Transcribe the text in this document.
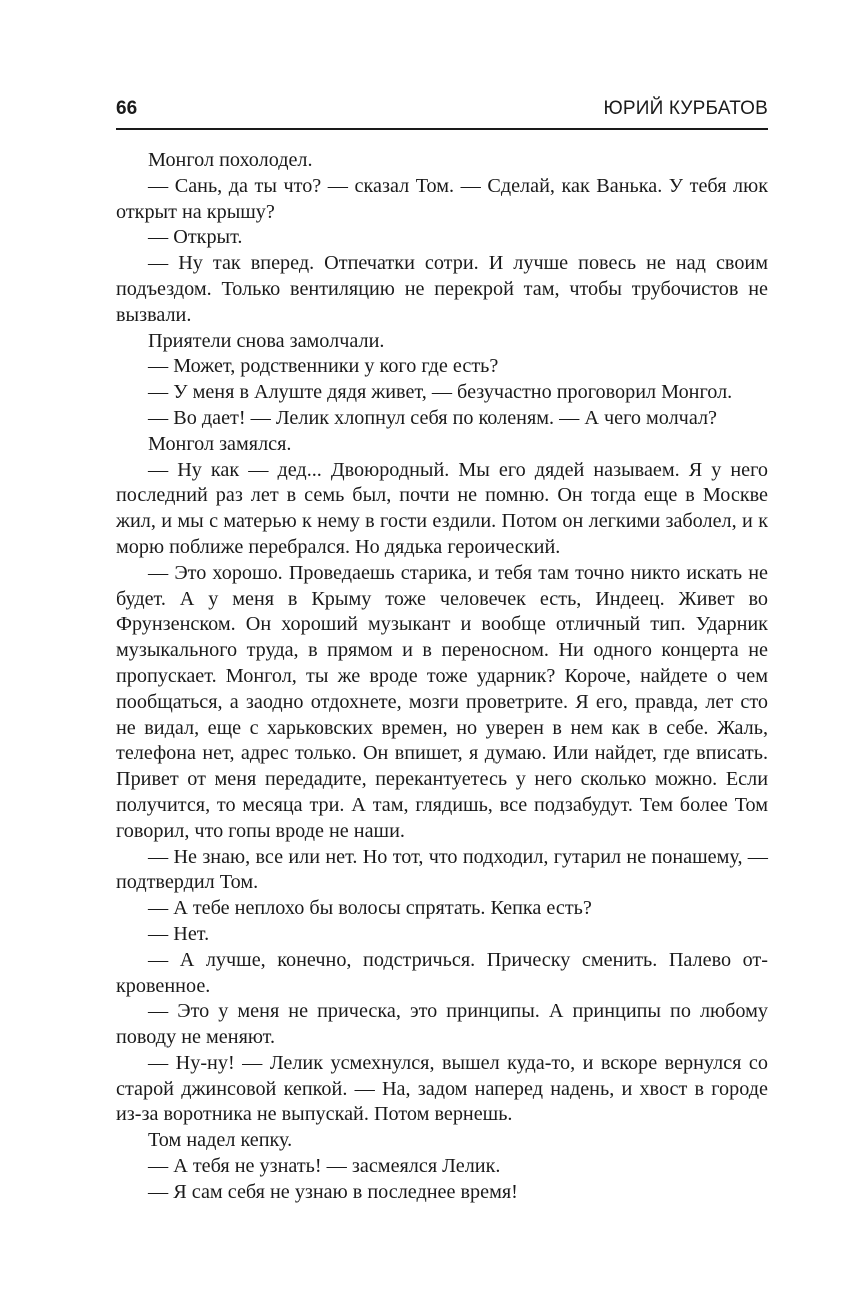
66	ЮРИЙ КУРБАТОВ

Монгол похолодел.

— Сань, да ты что? — сказал Том. — Сделай, как Ванька. У тебя люк открыт на крышу?

— Открыт.

— Ну так вперед. Отпечатки сотри. И лучше повесь не над своим подъездом. Только вентиляцию не перекрой там, чтобы трубочистов не вызвали.

Приятели снова замолчали.

— Может, родственники у кого где есть?

— У меня в Алуште дядя живет, — безучастно проговорил Монгол.

— Во дает! — Лелик хлопнул себя по коленям. — А чего молчал?

Монгол замялся.

— Ну как — дед... Двоюродный. Мы его дядей называем. Я у него последний раз лет в семь был, почти не помню. Он тогда еще в Москве жил, и мы с матерью к нему в гости ездили. Потом он легкими заболел, и к морю поближе перебрался. Но дядька героический.

— Это хорошо. Проведаешь старика, и тебя там точно никто искать не будет. А у меня в Крыму тоже человечек есть, Индеец. Живет во Фрунзенском. Он хороший музыкант и вообще отличный тип. Ударник музыкального труда, в прямом и в переносном. Ни одного концерта не пропускает. Монгол, ты же вроде тоже ударник? Короче, найдете о чем пообщаться, а заодно отдохнете, мозги проветрите. Я его, правда, лет сто не видал, еще с харьковских времен, но уверен в нем как в себе. Жаль, телефона нет, адрес только. Он впишет, я думаю. Или найдет, где вписать. Привет от меня передадите, перекантуетесь у него сколько можно. Если получится, то месяца три. А там, глядишь, все подзабудут. Тем более Том говорил, что гопы вроде не наши.

— Не знаю, все или нет. Но тот, что подходил, гутарил не понашему, — подтвердил Том.

— А тебе неплохо бы волосы спрятать. Кепка есть?

— Нет.

— А лучше, конечно, подстричься. Прическу сменить. Палево откровенное.

— Это у меня не прическа, это принципы. А принципы по любому поводу не меняют.

— Ну-ну! — Лелик усмехнулся, вышел куда-то, и вскоре вернулся со старой джинсовой кепкой. — На, задом наперед надень, и хвост в городе из-за воротника не выпускай. Потом вернешь.

Том надел кепку.

— А тебя не узнать! — засмеялся Лелик.

— Я сам себя не узнаю в последнее время!
